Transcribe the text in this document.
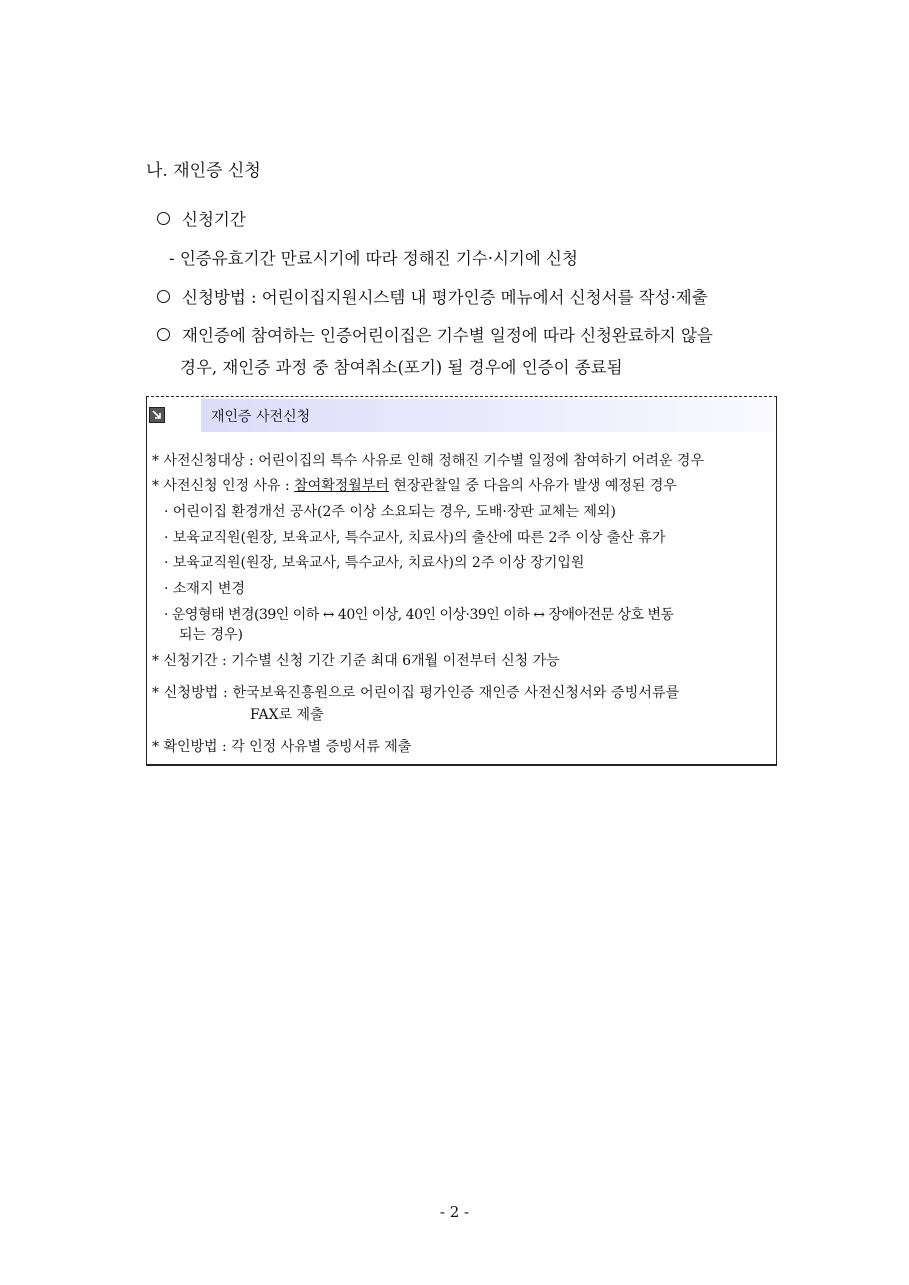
나. 재인증 신청
신청기간
- 인증유효기간 만료시기에 따라 정해진 기수·시기에 신청
신청방법 : 어린이집지원시스템 내 평가인증 메뉴에서 신청서를 작성·제출
재인증에 참여하는 인증어린이집은 기수별 일정에 따라 신청완료하지 않을
경우, 재인증 과정 중 참여취소(포기) 될 경우에 인증이 종료됨
재인증 사전신청
* 사전신청대상 : 어린이집의 특수 사유로 인해 정해진 기수별 일정에 참여하기 어려운 경우
* 사전신청 인정 사유 : 참여확정월부터 현장관찰일 중 다음의 사유가 발생 예정된 경우
· 어린이집 환경개선 공사(2주 이상 소요되는 경우, 도배·장판 교체는 제외)
· 보육교직원(원장, 보육교사, 특수교사, 치료사)의 출산에 따른 2주 이상 출산 휴가
· 보육교직원(원장, 보육교사, 특수교사, 치료사)의 2주 이상 장기입원
· 소재지 변경
· 운영형태 변경(39인 이하 ↔ 40인 이상, 40인 이상·39인 이하 ↔ 장애아전문 상호 변동
되는 경우)
* 신청기간 : 기수별 신청 기간 기준 최대 6개월 이전부터 신청 가능
* 신청방법 : 한국보육진흥원으로 어린이집 평가인증 재인증 사전신청서와 증빙서류를
FAX로 제출
* 확인방법 : 각 인정 사유별 증빙서류 제출
- 2 -
